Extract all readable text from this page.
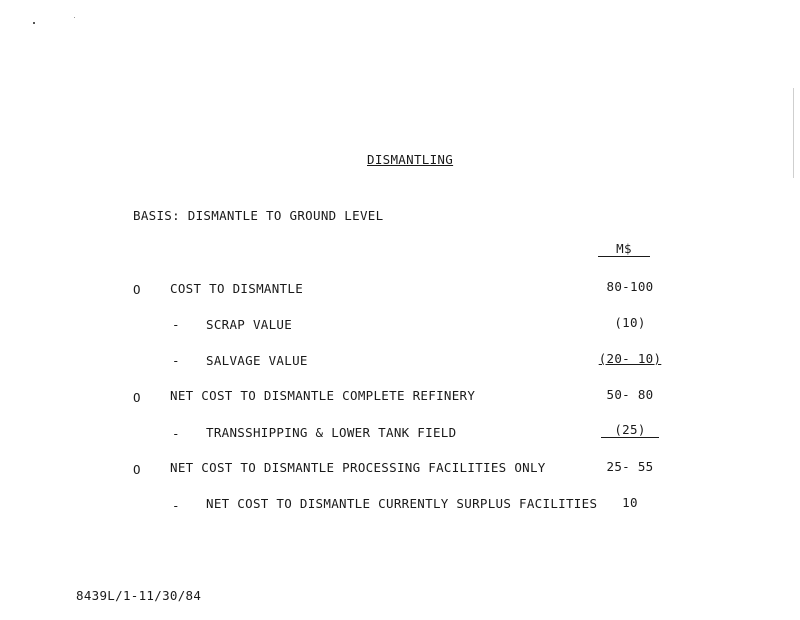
DISMANTLING
BASIS: DISMANTLE TO GROUND LEVEL
M$
O COST TO DISMANTLE	80-100
- SCRAP VALUE	(10)
- SALVAGE VALUE	(20- 10)
O NET COST TO DISMANTLE COMPLETE REFINERY	50- 80
- TRANSSHIPPING & LOWER TANK FIELD	(25)
O NET COST TO DISMANTLE PROCESSING FACILITIES ONLY	25- 55
- NET COST TO DISMANTLE CURRENTLY SURPLUS FACILITIES	10
8439L/1-11/30/84
